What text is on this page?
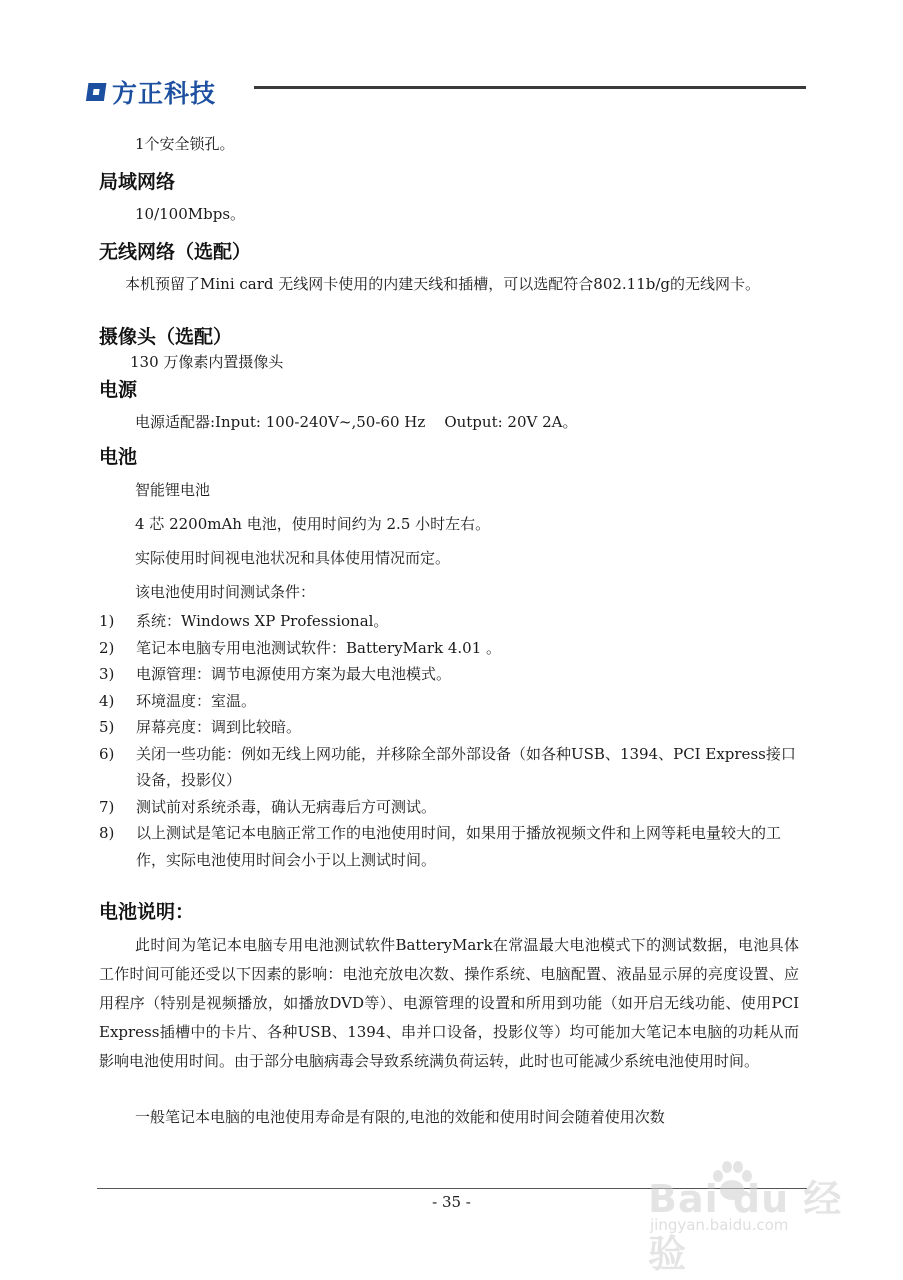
方正科技
1个安全锁孔。
局域网络
10/100Mbps。
无线网络（选配）
本机预留了Mini card 无线网卡使用的内建天线和插槽，可以选配符合802.11b/g的无线网卡。
摄像头（选配）
130 万像素内置摄像头
电源
电源适配器:Input: 100-240V~,50-60 Hz    Output: 20V 2A。
电池
智能锂电池
4 芯 2200mAh 电池，使用时间约为 2.5 小时左右。
实际使用时间视电池状况和具体使用情况而定。
该电池使用时间测试条件：
1)	系统：Windows XP Professional。
2)	笔记本电脑专用电池测试软件：BatteryMark 4.01 。
3)	电源管理：调节电源使用方案为最大电池模式。
4)	环境温度：室温。
5)	屏幕亮度：调到比较暗。
6)	关闭一些功能：例如无线上网功能，并移除全部外部设备（如各种USB、1394、PCI Express接口设备，投影仪）
7)	测试前对系统杀毒，确认无病毒后方可测试。
8)	以上测试是笔记本电脑正常工作的电池使用时间，如果用于播放视频文件和上网等耗电量较大的工作，实际电池使用时间会小于以上测试时间。
电池说明：
此时间为笔记本电脑专用电池测试软件BatteryMark在常温最大电池模式下的测试数据，电池具体工作时间可能还受以下因素的影响：电池充放电次数、操作系统、电脑配置、液晶显示屏的亮度设置、应用程序（特别是视频播放，如播放DVD等）、电源管理的设置和所用到功能（如开启无线功能、使用PCI Express插槽中的卡片、各种USB、1394、串并口设备，投影仪等）均可能加大笔记本电脑的功耗从而影响电池使用时间。由于部分电脑病毒会导致系统满负荷运转，此时也可能减少系统电池使用时间。
一般笔记本电脑的电池使用寿命是有限的,电池的效能和使用时间会随着使用次数
- 35 -	Bai du 经验
jingyan.baidu.com
